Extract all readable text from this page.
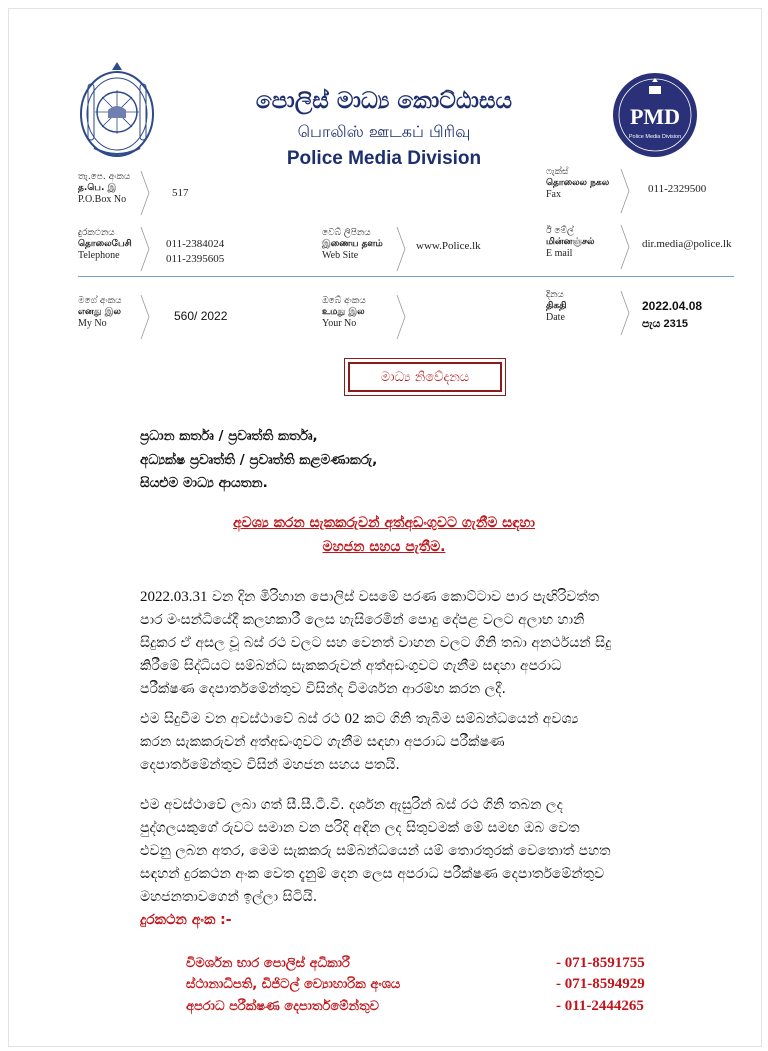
PMD
Police Media Division
පොලිස් මාධ්‍ය කොට්ඨාසය
பொலிஸ் ஊடகப் பிரிவு
Police Media Division
තැ.පෙ. අංකය
த.பெ. இ
P.O.Box No
517
ෆැක්ස්
தொலைல நகல
Fax	011-2329500
දුරකථනය
தொலைபேசி
Telephone
011-2384024
011-2395605
වෙබ් ලිපිනය
இணைய தளம்
Web Site
www.Police.lk
ඊ මේල්
மின்னஞ்சல்
E mail
dir.media@police.lk
මගේ අංකය
எனது இல
My No
560/ 2022
ඔබේ අංකය
உமது இல
Your No
දිනය
திகதி
Date
2022.04.08
පැය 2315
මාධ්‍ය නිවේදනය
ප්‍රධාන කර්තෘ / ප්‍රවෘත්ති කර්තෘ,
අධ්‍යක්ෂ ප්‍රවෘත්ති / ප්‍රවෘත්ති කළමණාකරු,
සියළුම මාධ්‍ය ආයතන.
අවශ්‍ය කරන සැකකරුවන් අත්අඩංගුවට ගැනීම සඳහා
මහජන සහය පැතීම.
2022.03.31 වන දින මිරිහාන පොලිස් වසමේ පරණ කොට්ටාව පාර පැඟිරිවත්ත
පාර මංසන්ධියේදී කලහකාරී ලෙස හැසිරෙමින් පොදු දේපළ වලට අලාභ හානි
සිදුකර ඒ අසල වූ බස් රථ වලට සහ වෙනත් වාහන වලට ගිනි තබා අනර්ථයන් සිදු
කිරීමේ සිද්ධියට සම්බන්ධ සැකකරුවන් අත්අඩංගුවට ගැනීම සඳහා අපරාධ
පරීක්ෂණ දෙපාර්තමේන්තුව විසින්ද විමර්ශන ආරම්භ කරන ලදී.
එම සිදුවීම වන අවස්ථාවේ බස් රථ 02 කට ගිනි තැබීම සම්බන්ධයෙන් අවශ්‍ය
කරන සැකකරුවන් අත්අඩංගුවට ගැනීම සඳහා අපරාධ පරීක්ෂණ
දෙපාර්තමේන්තුව විසින් මහජන සහය පතයි.
එම අවස්ථාවේ ලබා ගත් සී.සී.ටී.වී. දර්ශන ඇසුරින් බස් රථ ගිනි තබන ලද
පුද්ගලයකුගේ රුවට සමාන වන පරිදි අඳින ලද සිතුවමක් මේ සමඟ ඔබ වෙත
එවනු ලබන අතර, මෙම සැකකරු සම්බන්ධයෙන් යම් තොරතුරක් වෙතොත් පහත
සඳහන් දුරකථන අංක වෙත දැනුම් දෙන ලෙස අපරාධ පරීක්ෂණ දෙපාර්තමේන්තුව
මහජනතාවගෙන් ඉල්ලා සිටියි.
දුරකථන අංක :-
විමර්ශන භාර පොලිස් අධිකාරී	- 071-8591755
ස්ථානාධිපති, ඩිජිටල් ව්‍යොහාරික අංශය	- 071-8594929
අපරාධ පරීක්ෂණ දෙපාර්තමේන්තුව	- 011-2444265
